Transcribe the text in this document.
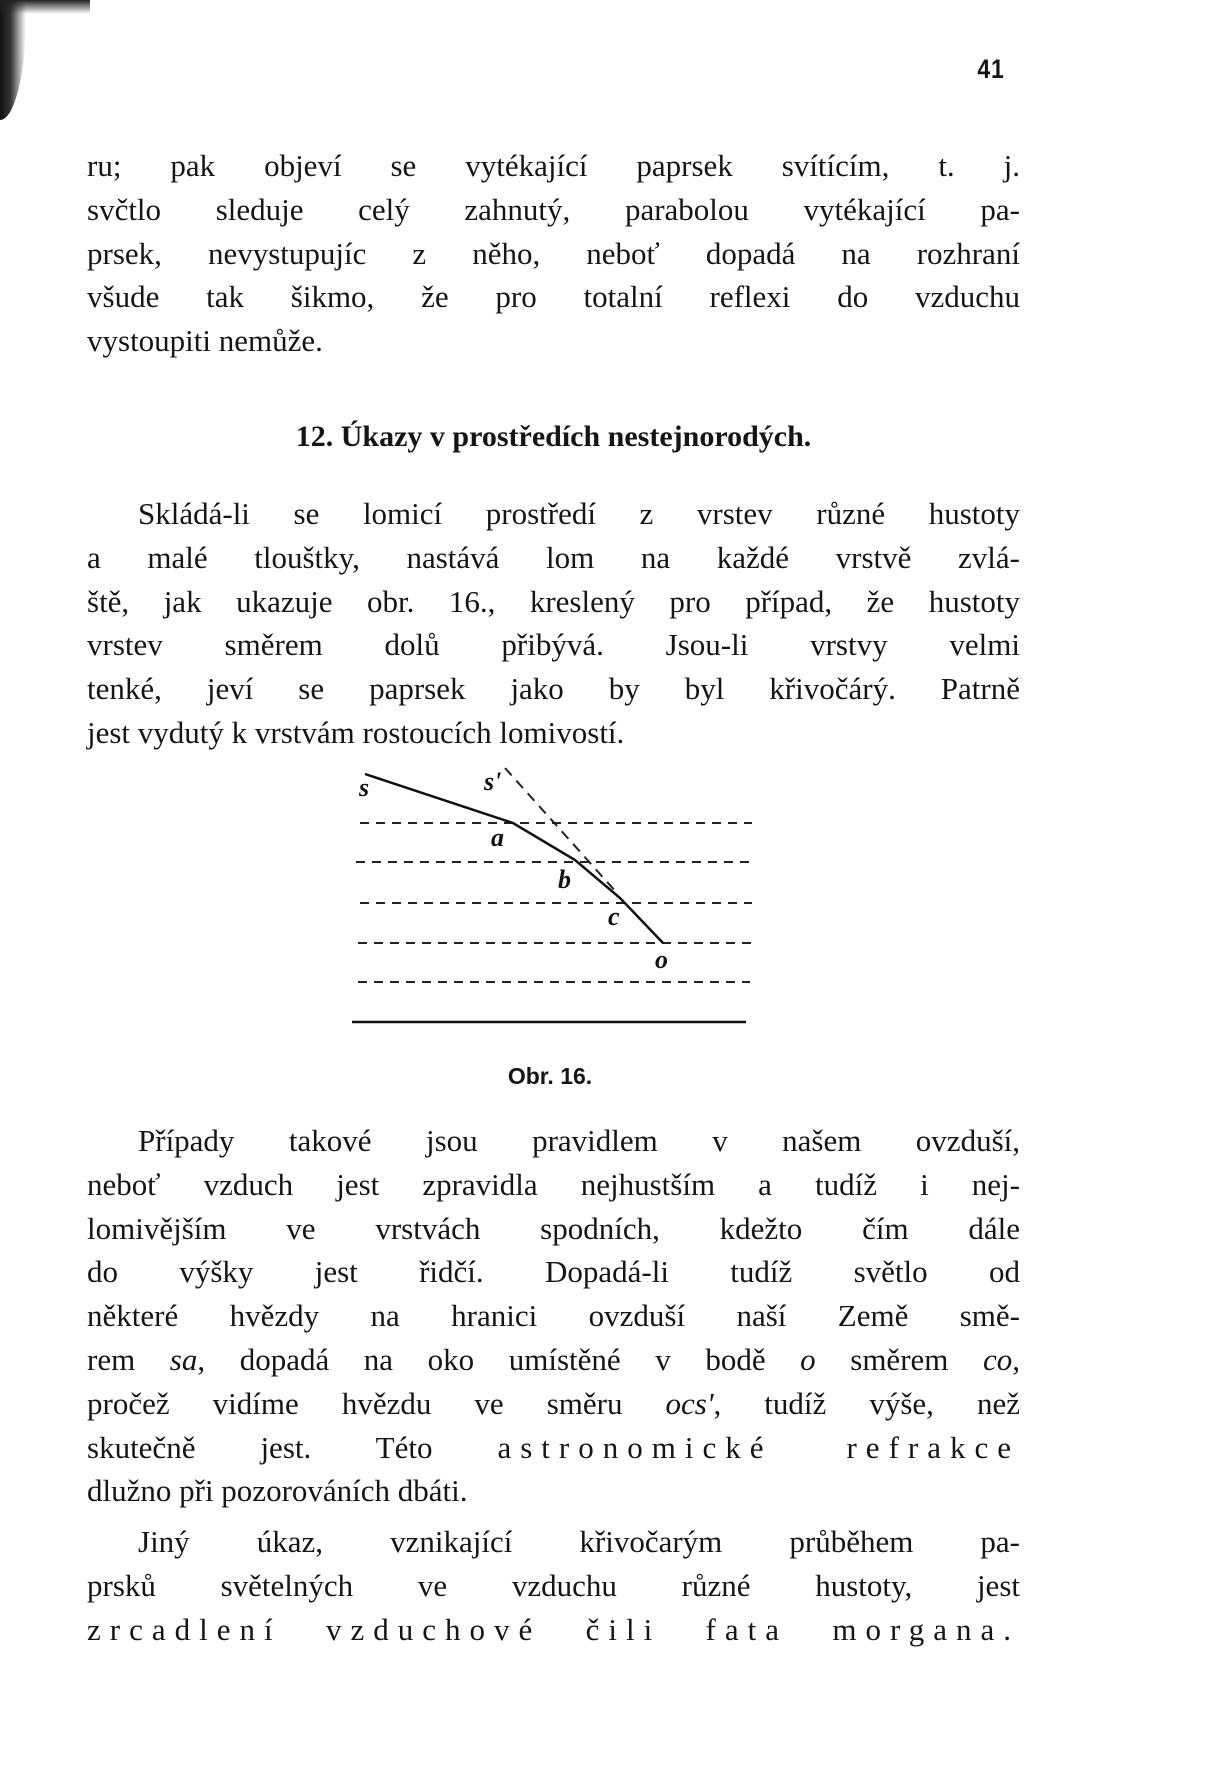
41
12. Úkazy v prostředích nestejnorodých.
ru; pak objeví se vytékající paprsek svítícím, t. j.
svčtlo sleduje celý zahnutý, parabolou vytékající pa-
prsek, nevystupujíc z něho, neboť dopadá na rozhraní
všude tak šikmo, že pro totalní reflexi do vzduchu
vystoupiti nemůže.
Skládá-li se lomicí prostředí z vrstev různé hustoty
a malé tlouštky, nastává lom na každé vrstvě zvlá-
ště, jak ukazuje obr. 16., kreslený pro případ, že hustoty
vrstev směrem dolů přibývá. Jsou-li vrstvy velmi
tenké, jeví se paprsek jako by byl křivočárý. Patrně
jest vydutý k vrstvám rostoucích lomivostí.
Případy takové jsou pravidlem v našem ovzduší,
neboť vzduch jest zpravidla nejhustším a tudíž i nej-
lomivějším ve vrstvách spodních, kdežto čím dále
do výšky jest řidčí. Dopadá-li tudíž světlo od
některé hvězdy na hranici ovzduší naší Země smě-
rem sa, dopadá na oko umístěné v bodě o směrem co,
pročež vidíme hvězdu ve směru ocs', tudíž výše, než
skutečně jest. Této astronomické refrakce
dlužno při pozorováních dbáti.
Jiný úkaz, vznikající křivočarým průběhem pa-
prsků světelných ve vzduchu různé hustoty, jest
zrcadlení vzduchové čili fata morgana.
s	s'
a
b
c
o
Obr. 16.
